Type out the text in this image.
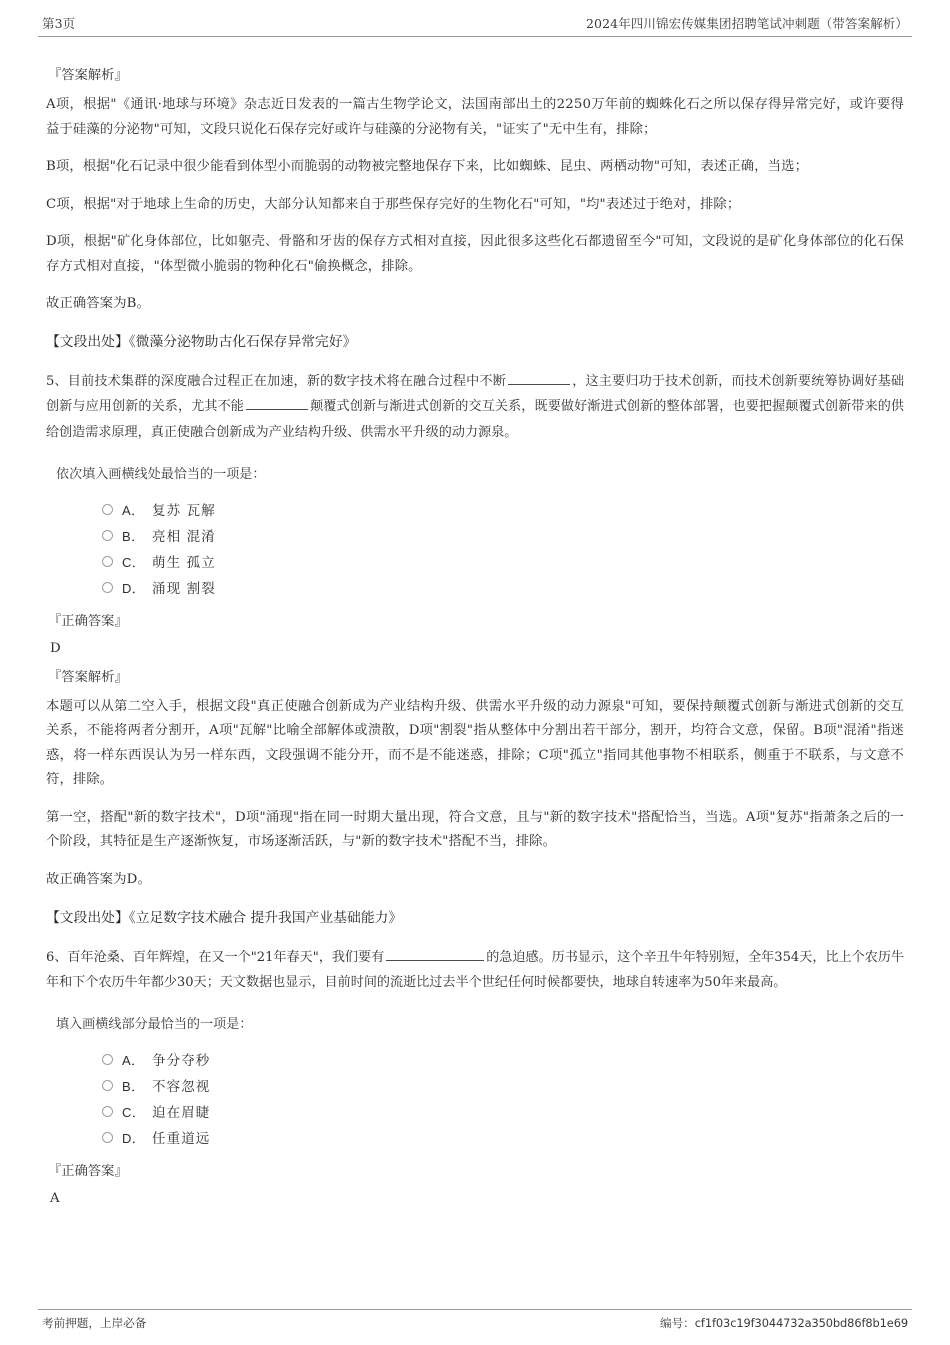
第3页	2024年四川锦宏传媒集团招聘笔试冲刺题（带答案解析）
『答案解析』

A项，根据"《通讯·地球与环境》杂志近日发表的一篇古生物学论文，法国南部出土的2250万年前的蜘蛛化石之所以保存得异常完好，或许要得益于硅藻的分泌物"可知，文段只说化石保存完好或许与硅藻的分泌物有关，"证实了"无中生有，排除；

B项，根据"化石记录中很少能看到体型小而脆弱的动物被完整地保存下来，比如蜘蛛、昆虫、两栖动物"可知，表述正确，当选；

C项，根据"对于地球上生命的历史，大部分认知都来自于那些保存完好的生物化石"可知，"均"表述过于绝对，排除；

D项，根据"矿化身体部位，比如躯壳、骨骼和牙齿的保存方式相对直接，因此很多这些化石都遗留至今"可知，文段说的是矿化身体部位的化石保存方式相对直接，"体型微小脆弱的物种化石"偷换概念，排除。

故正确答案为B。

【文段出处】《微藻分泌物助古化石保存异常完好》

5、目前技术集群的深度融合过程正在加速，新的数字技术将在融合过程中不断	，这主要归功于技术创新，而技术创新要统筹协调好基础创新与应用创新的关系，尤其不能	颠覆式创新与渐进式创新的交互关系，既要做好渐进式创新的整体部署，也要把握颠覆式创新带来的供给创造需求原理，真正使融合创新成为产业结构升级、供需水平升级的动力源泉。

依次填入画横线处最恰当的一项是：
A． 复苏 瓦解
B． 亮相 混淆
C． 萌生 孤立
D． 涌现 割裂
『正确答案』
D
『答案解析』

本题可以从第二空入手，根据文段"真正使融合创新成为产业结构升级、供需水平升级的动力源泉"可知，要保持颠覆式创新与渐进式创新的交互关系，不能将两者分割开，A项"瓦解"比喻全部解体或溃散，D项"割裂"指从整体中分割出若干部分，割开，均符合文意，保留。B项"混淆"指迷惑，将一样东西误认为另一样东西，文段强调不能分开，而不是不能迷惑，排除；C项"孤立"指同其他事物不相联系，侧重于不联系，与文意不符，排除。

第一空，搭配"新的数字技术"，D项"涌现"指在同一时期大量出现，符合文意，且与"新的数字技术"搭配恰当，当选。A项"复苏"指萧条之后的一个阶段，其特征是生产逐渐恢复，市场逐渐活跃，与"新的数字技术"搭配不当，排除。

故正确答案为D。

【文段出处】《立足数字技术融合 提升我国产业基础能力》

6、百年沧桑、百年辉煌，在又一个"21年春天"，我们要有	的急迫感。历书显示，这个辛丑牛年特别短，全年354天，比上个农历牛年和下个农历牛年都少30天；天文数据也显示，目前时间的流逝比过去半个世纪任何时候都要快，地球自转速率为50年来最高。

填入画横线部分最恰当的一项是：
A． 争分夺秒
B． 不容忽视
C． 迫在眉睫
D． 任重道远
『正确答案』
A
考前押题，上岸必备	编号：cf1f03c19f3044732a350bd86f8b1e69
